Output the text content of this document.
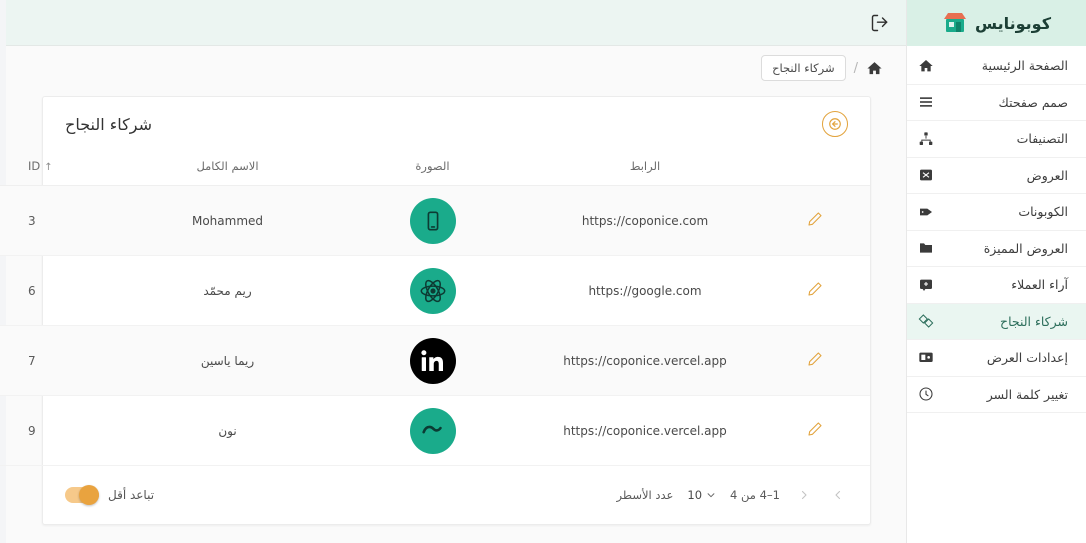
/
شركاء النجاح
شركاء النجاح
	الرابط	الصورة	الاسم الكامل	↑ID

	https://coponice.com		Mohammed	3

	https://google.com		ريم محمّد	6

	https://coponice.vercel.app		ريما ياسين	7

	https://coponice.vercel.app		نون	9
1–4 من 4
10
عدد الأسطر
تباعد أقل
كوبونايس
الصفحة الرئيسية
صمم صفحتك
التصنيفات
العروض
الكوبونات
العروض المميزة
آراء العملاء
شركاء النجاح
إعدادات العرض
تغيير كلمة السر
